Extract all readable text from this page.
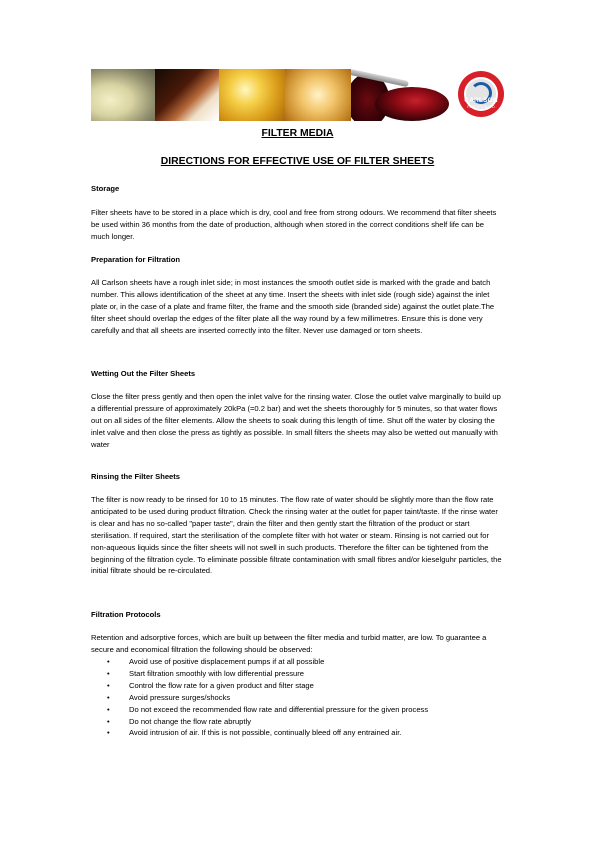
CARLSON
FILTRATION LTD
FILTER MEDIA
DIRECTIONS FOR EFFECTIVE USE OF FILTER SHEETS
Storage

Filter sheets have to be stored in a place which is dry, cool and free from strong odours. We recommend that filter sheets be used within 36 months from the date of production, although when stored in the correct conditions shelf life can be much longer.

Preparation for Filtration

All Carlson sheets have a rough inlet side; in most instances the smooth outlet side is marked with the grade and batch number. This allows identification of the sheet at any time. Insert the sheets with inlet side (rough side) against the inlet plate or, in the case of a plate and frame filter, the frame and the smooth side (branded side) against the outlet plate.The filter sheet should overlap the edges of the filter plate all the way round by a few millimetres. Ensure this is done very carefully and that all sheets are inserted correctly into the filter. Never use damaged or torn sheets.

Wetting Out the Filter Sheets

Close the filter press gently and then open the inlet valve for the rinsing water. Close the outlet valve marginally to build up a differential pressure of approximately 20kPa (=0.2 bar) and wet the sheets thoroughly for 5 minutes, so that water flows out on all sides of the filter elements. Allow the sheets to soak during this length of time. Shut off the water by closing the inlet valve and then close the press as tightly as possible. In small filters the sheets may also be wetted out manually with water

Rinsing the Filter Sheets

The filter is now ready to be rinsed for 10 to 15 minutes. The flow rate of water should be slightly more than the flow rate anticipated to be used during product filtration. Check the rinsing water at the outlet for paper taint/taste. If the rinse water is clear and has no so-called "paper taste", drain the filter and then gently start the filtration of the product or start sterilisation. If required, start the sterilisation of the complete filter with hot water or steam. Rinsing is not carried out for non-aqueous liquids since the filter sheets will not swell in such products. Therefore the filter can be tightened from the beginning of the filtration cycle. To eliminate possible filtrate contamination with small fibres and/or kieselguhr particles, the initial filtrate should be re-circulated.

Filtration Protocols

Retention and adsorptive forces, which are built up between the filter media and turbid matter, are low. To guarantee a secure and economical filtration the following should be observed:

•	Avoid use of positive displacement pumps if at all possible
•	Start filtration smoothly with low differential pressure
•	Control the flow rate for a given product and filter stage
•	Avoid pressure surges/shocks
•	Do not exceed the recommended flow rate and differential pressure for the given process
•	Do not change the flow rate abruptly
•	Avoid intrusion of air. If this is not possible, continually bleed off any entrained air.
